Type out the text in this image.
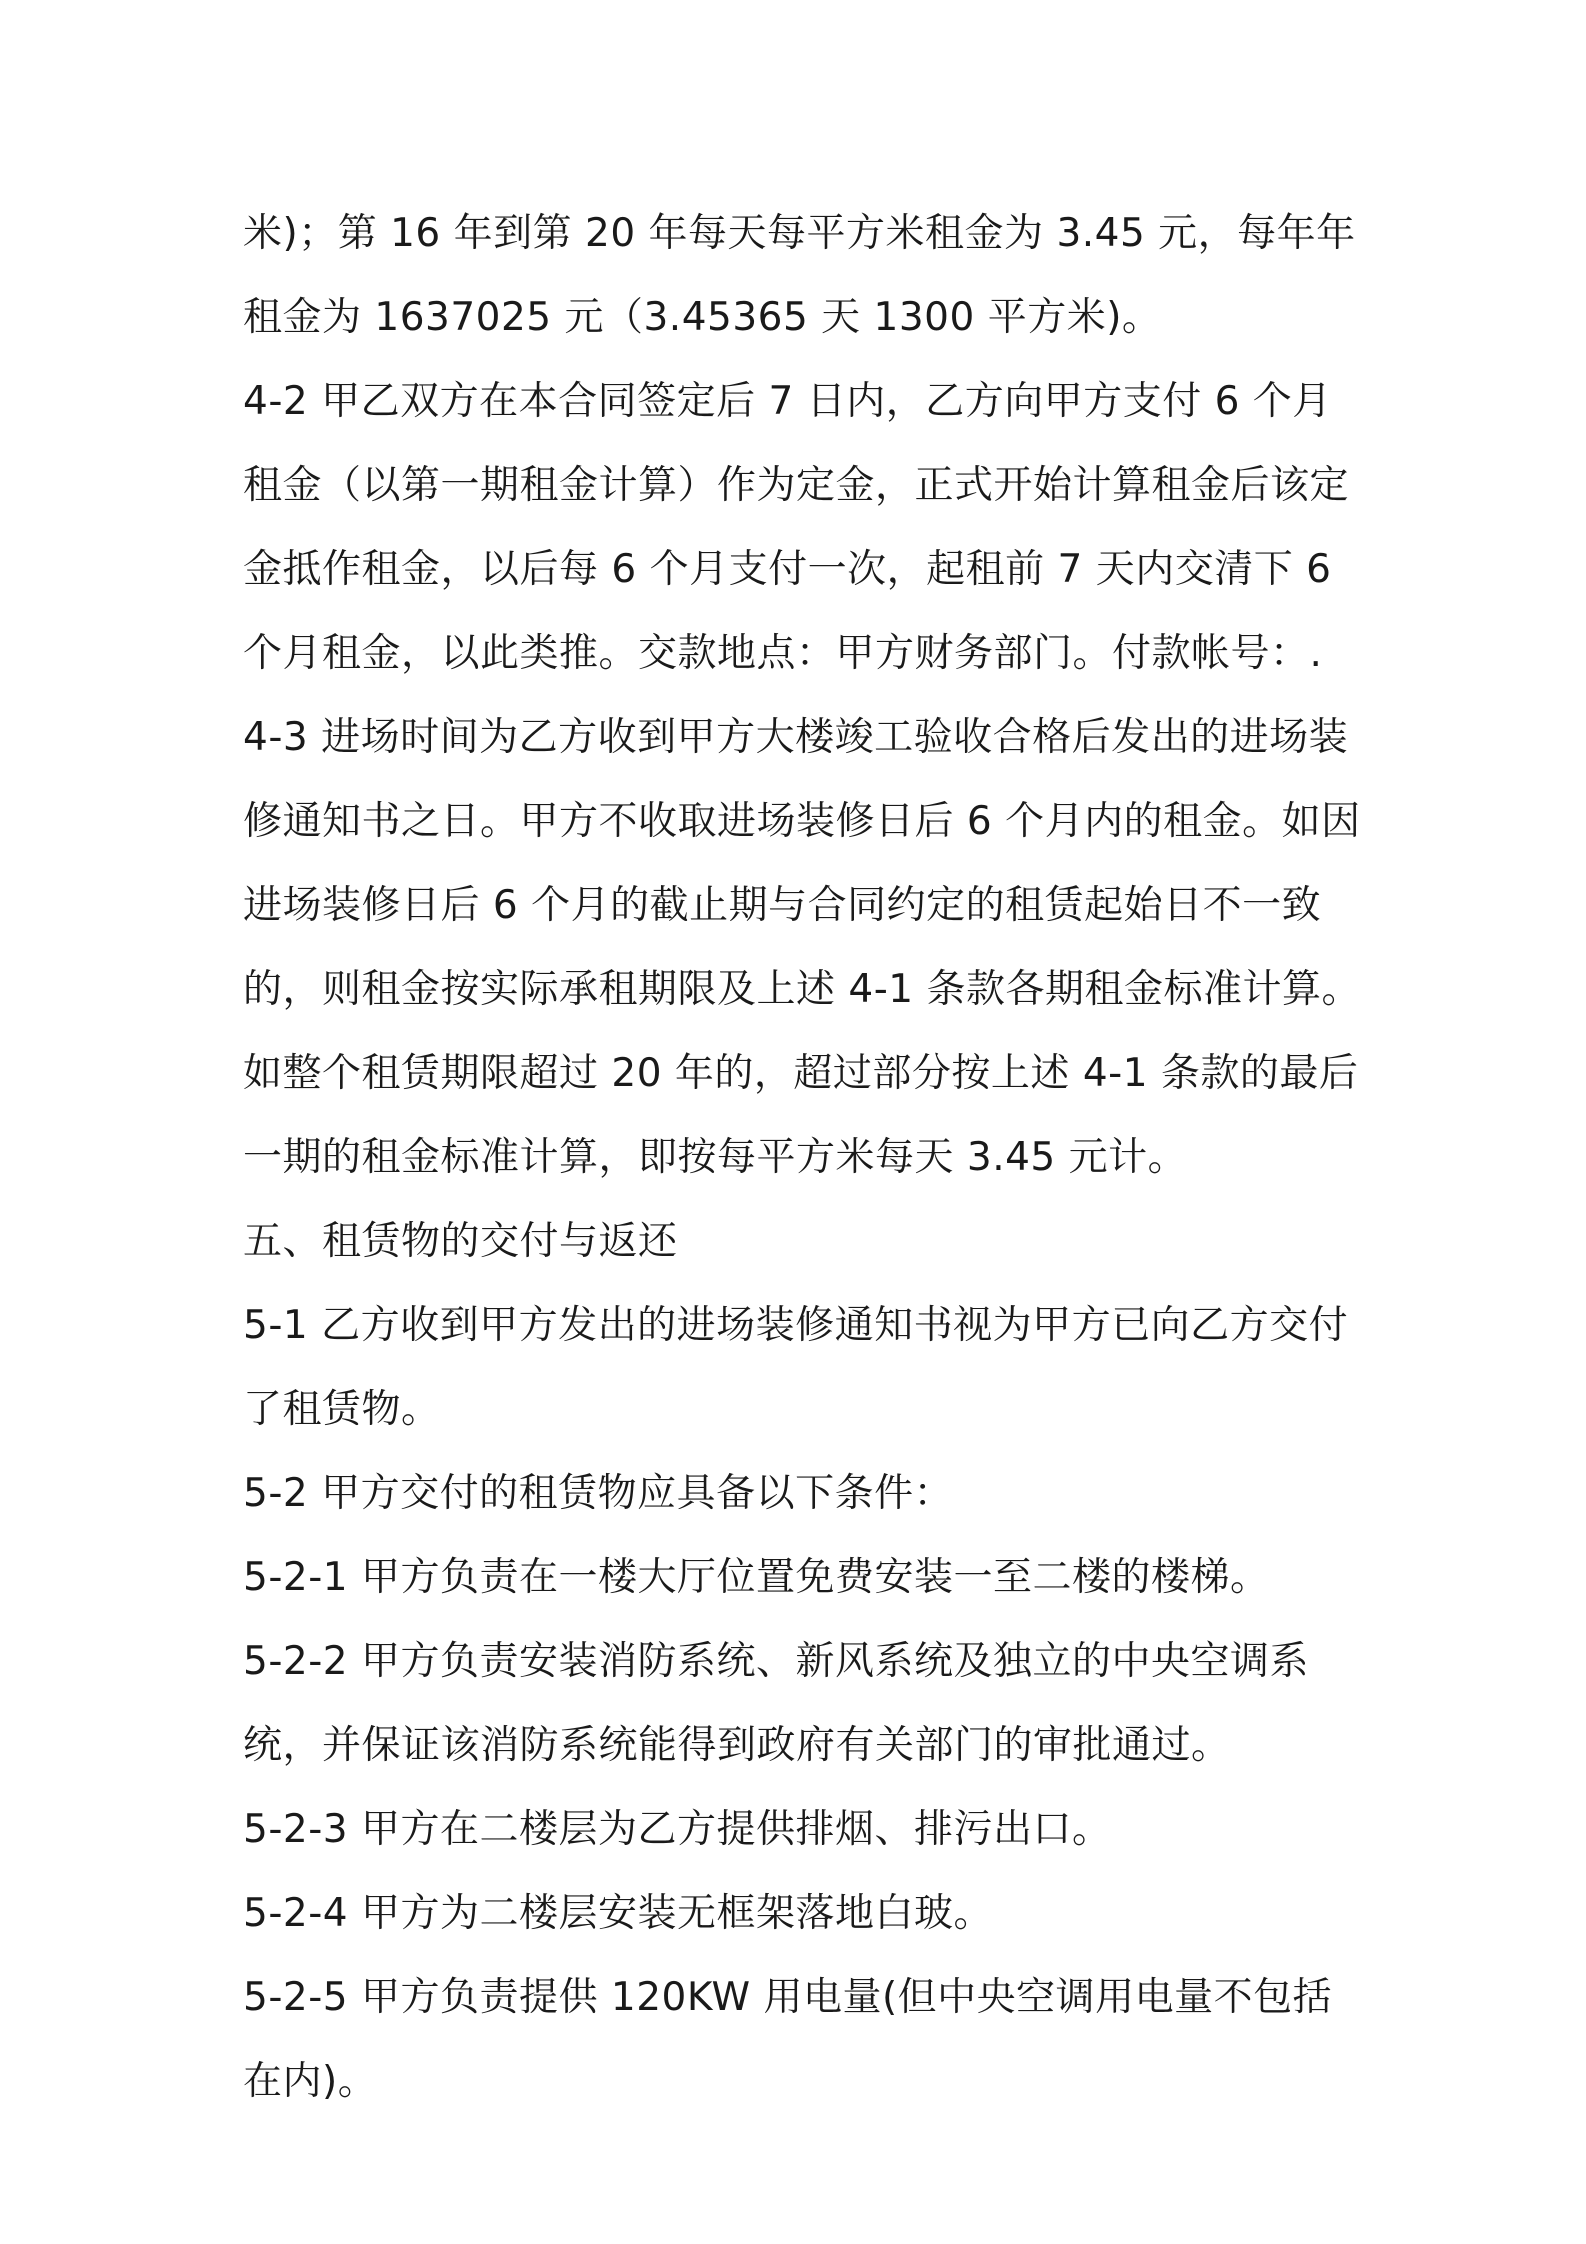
米)；第 16 年到第 20 年每天每平方米租金为 3.45 元，每年年租金为 1637025 元（3.45365 天 1300 平方米)。

4-2 甲乙双方在本合同签定后 7 日内，乙方向甲方支付 6 个月租金（以第一期租金计算）作为定金，正式开始计算租金后该定金抵作租金，以后每 6 个月支付一次，起租前 7 天内交清下 6 个月租金，以此类推。交款地点：甲方财务部门。付款帐号：.

4-3 进场时间为乙方收到甲方大楼竣工验收合格后发出的进场装修通知书之日。甲方不收取进场装修日后 6 个月内的租金。如因进场装修日后 6 个月的截止期与合同约定的租赁起始日不一致的，则租金按实际承租期限及上述 4-1 条款各期租金标准计算。如整个租赁期限超过 20 年的，超过部分按上述 4-1 条款的最后一期的租金标准计算，即按每平方米每天 3.45 元计。

五、租赁物的交付与返还

5-1 乙方收到甲方发出的进场装修通知书视为甲方已向乙方交付了租赁物。

5-2 甲方交付的租赁物应具备以下条件：

5-2-1 甲方负责在一楼大厅位置免费安装一至二楼的楼梯。

5-2-2 甲方负责安装消防系统、新风系统及独立的中央空调系统，并保证该消防系统能得到政府有关部门的审批通过。

5-2-3 甲方在二楼层为乙方提供排烟、排污出口。

5-2-4 甲方为二楼层安装无框架落地白玻。

5-2-5 甲方负责提供 120KW 用电量(但中央空调用电量不包括在内)。
